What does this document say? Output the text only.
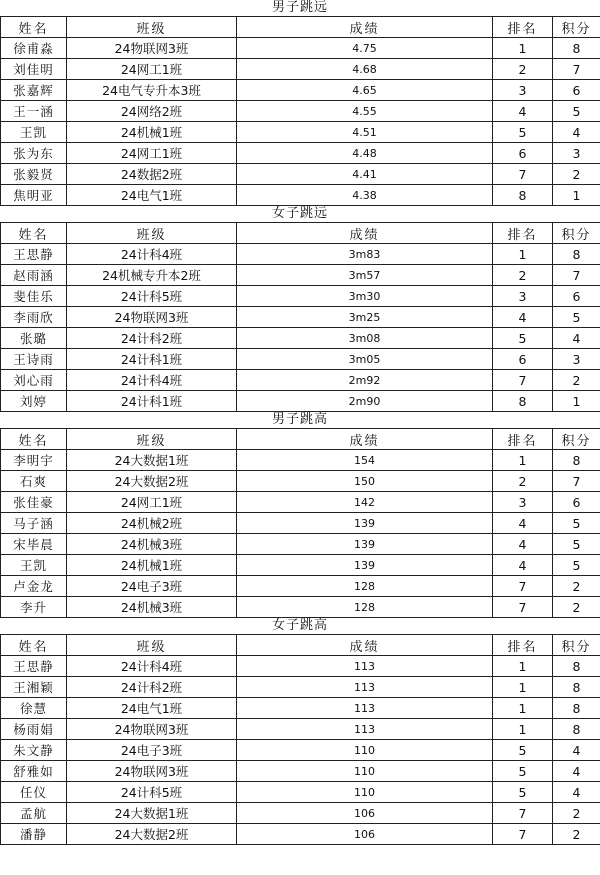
男子跳远
姓名	班级	成绩	排名	积分
徐甫淼	24物联网3班	4.75	1	8
刘佳明	24网工1班	4.68	2	7
张嘉辉	24电气专升本3班	4.65	3	6
王一涵	24网络2班	4.55	4	5
王凯	24机械1班	4.51	5	4
张为东	24网工1班	4.48	6	3
张毅贤	24数据2班	4.41	7	2
焦明亚	24电气1班	4.38	8	1
女子跳远
姓名	班级	成绩	排名	积分
王思静	24计科4班	3m83	1	8
赵雨涵	24机械专升本2班	3m57	2	7
斐佳乐	24计科5班	3m30	3	6
李雨欣	24物联网3班	3m25	4	5
张璐	24计科2班	3m08	5	4
王诗雨	24计科1班	3m05	6	3
刘心雨	24计科4班	2m92	7	2
刘婷	24计科1班	2m90	8	1
男子跳高
姓名	班级	成绩	排名	积分
李明宇	24大数据1班	154	1	8
石爽	24大数据2班	150	2	7
张佳豪	24网工1班	142	3	6
马子涵	24机械2班	139	4	5
宋毕晨	24机械3班	139	4	5
王凯	24机械1班	139	4	5
卢金龙	24电子3班	128	7	2
李升	24机械3班	128	7	2
女子跳高
姓名	班级	成绩	排名	积分
王思静	24计科4班	113	1	8
王湘颖	24计科2班	113	1	8
徐慧	24电气1班	113	1	8
杨雨娟	24物联网3班	113	1	8
朱文静	24电子3班	110	5	4
舒雅如	24物联网3班	110	5	4
任仪	24计科5班	110	5	4
孟航	24大数据1班	106	7	2
潘静	24大数据2班	106	7	2
